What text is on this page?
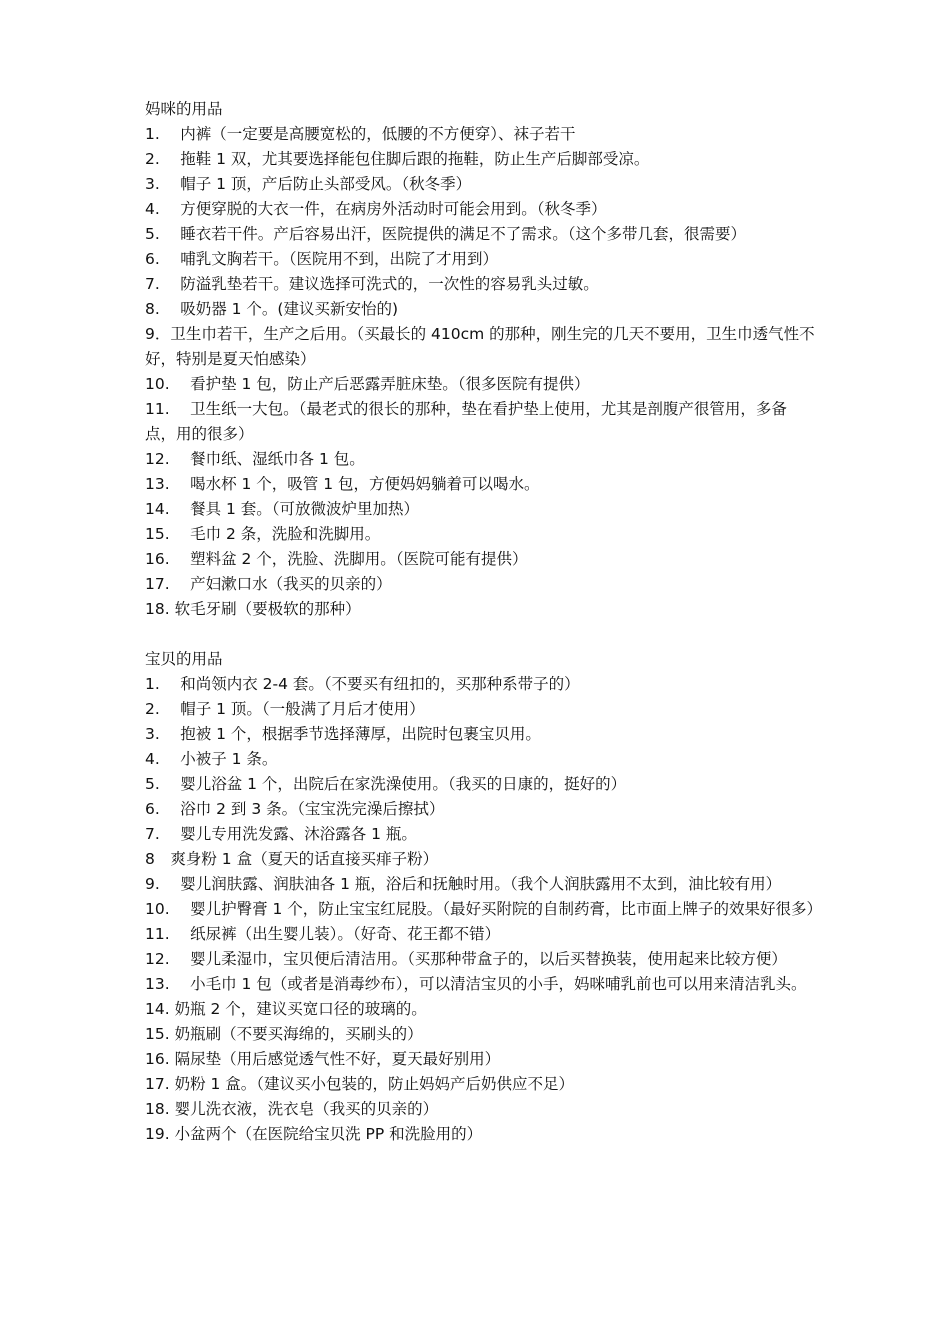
妈咪的用品
1.　 内裤（一定要是高腰宽松的，低腰的不方便穿）、袜子若干
2.　 拖鞋 1 双，尤其要选择能包住脚后跟的拖鞋，防止生产后脚部受凉。
3.　 帽子 1 顶，产后防止头部受风。（秋冬季）
4.　 方便穿脱的大衣一件，在病房外活动时可能会用到。（秋冬季）
5.　 睡衣若干件。产后容易出汗，医院提供的满足不了需求。（这个多带几套，很需要）
6.　 哺乳文胸若干。（医院用不到，出院了才用到）
7.　 防溢乳垫若干。建议选择可洗式的，一次性的容易乳头过敏。
8.　 吸奶器 1 个。(建议买新安怡的)
9．卫生巾若干，生产之后用。（买最长的 410cm 的那种，刚生完的几天不要用，卫生巾透气性不好，特别是夏天怕感染）
10.　 看护垫 1 包，防止产后恶露弄脏床垫。（很多医院有提供）
11.　 卫生纸一大包。（最老式的很长的那种，垫在看护垫上使用，尤其是剖腹产很管用，多备点，用的很多）
12.　 餐巾纸、湿纸巾各 1 包。
13.　 喝水杯 1 个，吸管 1 包，方便妈妈躺着可以喝水。
14.　 餐具 1 套。（可放微波炉里加热）
15.　 毛巾 2 条，洗脸和洗脚用。
16.　 塑料盆 2 个，洗脸、洗脚用。（医院可能有提供）
17.　 产妇漱口水（我买的贝亲的）
18. 软毛牙刷（要极软的那种）
宝贝的用品
1.　 和尚领内衣 2-4 套。（不要买有纽扣的，买那种系带子的）
2.　 帽子 1 顶。（一般满了月后才使用）
3.　 抱被 1 个，根据季节选择薄厚，出院时包裹宝贝用。
4.　 小被子 1 条。
5.　 婴儿浴盆 1 个，出院后在家洗澡使用。（我买的日康的，挺好的）
6.　 浴巾 2 到 3 条。（宝宝洗完澡后擦拭）
7.　 婴儿专用洗发露、沐浴露各 1 瓶。
8　爽身粉 1 盒（夏天的话直接买痱子粉）
9.　 婴儿润肤露、润肤油各 1 瓶，浴后和抚触时用。（我个人润肤露用不太到，油比较有用）
10.　 婴儿护臀膏 1 个，防止宝宝红屁股。（最好买附院的自制药膏，比市面上牌子的效果好很多）
11.　 纸尿裤（出生婴儿装）。（好奇、花王都不错）
12.　 婴儿柔湿巾，宝贝便后清洁用。（买那种带盒子的，以后买替换装，使用起来比较方便）
13.　 小毛巾 1 包（或者是消毒纱布），可以清洁宝贝的小手，妈咪哺乳前也可以用来清洁乳头。
14. 奶瓶 2 个，建议买宽口径的玻璃的。
15. 奶瓶刷（不要买海绵的，买刷头的）
16. 隔尿垫（用后感觉透气性不好，夏天最好别用）
17. 奶粉 1 盒。（建议买小包装的，防止妈妈产后奶供应不足）
18. 婴儿洗衣液，洗衣皂（我买的贝亲的）
19. 小盆两个（在医院给宝贝洗 PP 和洗脸用的）
